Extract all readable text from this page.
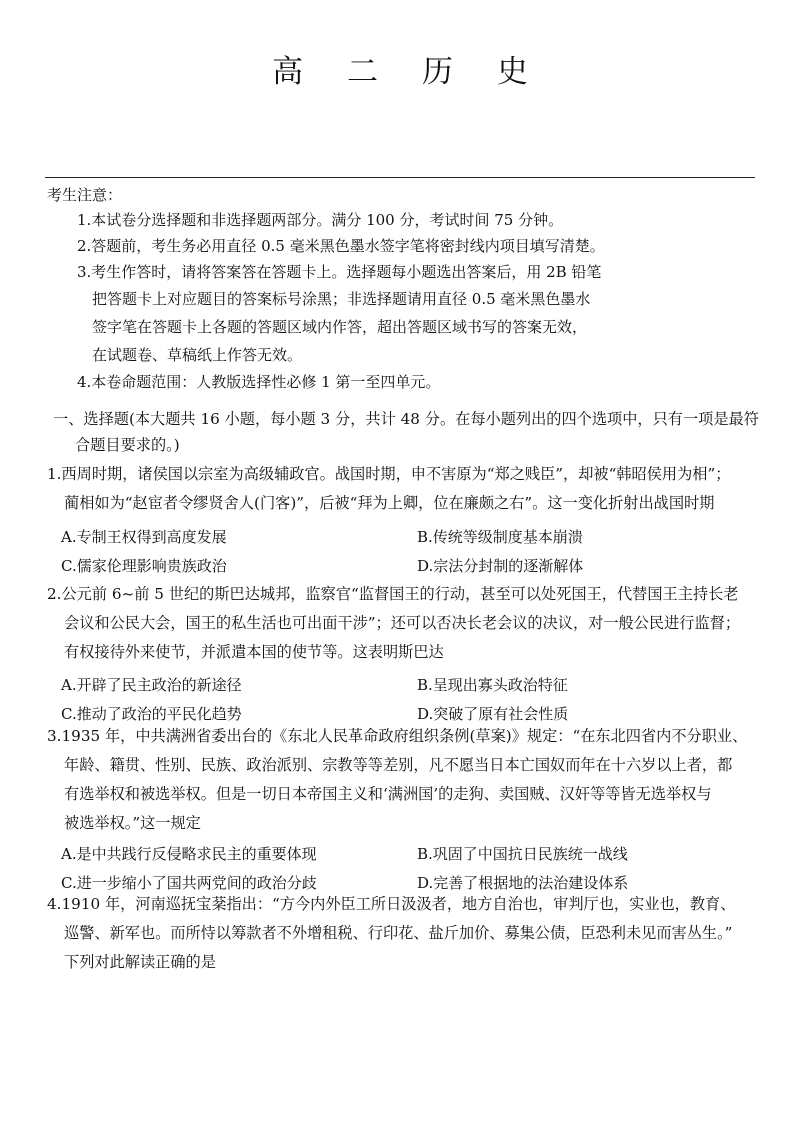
高 二 历 史

考生注意：

1.本试卷分选择题和非选择题两部分。满分 100 分，考试时间 75 分钟。

2.答题前，考生务必用直径 0.5 毫米黑色墨水签字笔将密封线内项目填写清楚。

3.考生作答时，请将答案答在答题卡上。选择题每小题选出答案后，用 2B 铅笔

把答题卡上对应题目的答案标号涂黑；非选择题请用直径 0.5 毫米黑色墨水

签字笔在答题卡上各题的答题区域内作答，超出答题区域书写的答案无效，

在试题卷、草稿纸上作答无效。

4.本卷命题范围：人教版选择性必修 1 第一至四单元。

一、选择题(本大题共 16 小题，每小题 3 分，共计 48 分。在每小题列出的四个选项中，只有一项是最符
合题目要求的。)
1.西周时期，诸侯国以宗室为高级辅政官。战国时期，申不害原为“郑之贱臣”，却被“韩昭侯用为相”；
蔺相如为“赵宦者令缪贤舍人(门客)”，后被“拜为上卿，位在廉颇之右”。这一变化折射出战国时期
A.专制王权得到高度发展	B.传统等级制度基本崩溃
C.儒家伦理影响贵族政治	D.宗法分封制的逐渐解体
2.公元前 6~前 5 世纪的斯巴达城邦，监察官“监督国王的行动，甚至可以处死国王，代替国王主持长老
会议和公民大会，国王的私生活也可出面干涉”；还可以否决长老会议的决议，对一般公民进行监督；
有权接待外来使节，并派遣本国的使节等。这表明斯巴达
A.开辟了民主政治的新途径	B.呈现出寡头政治特征
C.推动了政治的平民化趋势	D.突破了原有社会性质
3.1935 年，中共满洲省委出台的《东北人民革命政府组织条例(草案)》规定：“在东北四省内不分职业、
年龄、籍贯、性别、民族、政治派别、宗教等等差别，凡不愿当日本亡国奴而年在十六岁以上者，都
有选举权和被选举权。但是一切日本帝国主义和‘满洲国’的走狗、卖国贼、汉奸等等皆无选举权与
被选举权。”这一规定
A.是中共践行反侵略求民主的重要体现	B.巩固了中国抗日民族统一战线
C.进一步缩小了国共两党间的政治分歧	D.完善了根据地的法治建设体系
4.1910 年，河南巡抚宝棻指出：“方今内外臣工所日汲汲者，地方自治也，审判厅也，实业也，教育、
巡警、新军也。而所恃以筹款者不外增租税、行印花、盐斤加价、募集公债，臣恐利未见而害丛生。”
下列对此解读正确的是
